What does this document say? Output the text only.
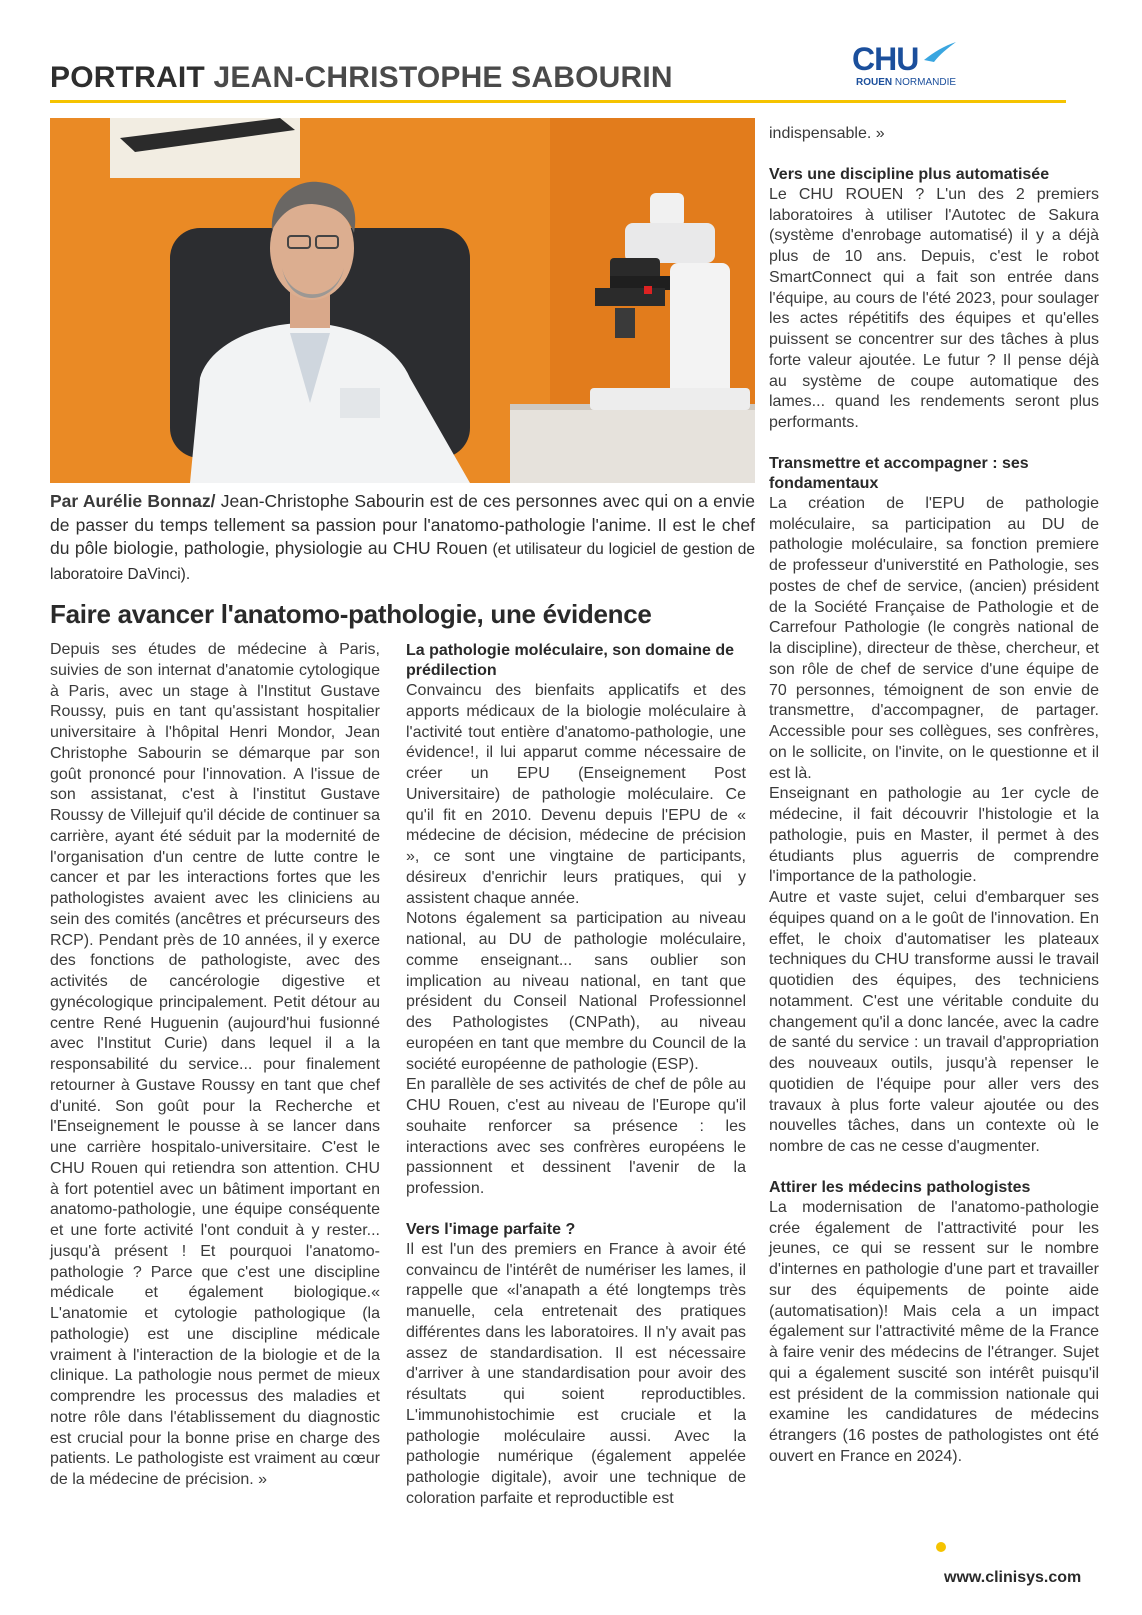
PORTRAIT JEAN-CHRISTOPHE SABOURIN
CHU
ROUEN NORMANDIE
Par Aurélie Bonnaz/ Jean-Christophe Sabourin est de ces personnes avec qui on a envie de passer du temps tellement sa passion pour l'anatomo-pathologie l'anime. Il est le chef du pôle biologie, pathologie, physiologie au CHU Rouen (et utilisateur du logiciel de gestion de laboratoire DaVinci).
Faire avancer l'anatomo-pathologie, une évidence

Depuis ses études de médecine à Paris, suivies de son internat d'anatomie cytologique à Paris, avec un stage à l'Institut Gustave Roussy, puis en tant qu'assistant hospitalier universitaire à l'hôpital Henri Mondor, Jean Christophe Sabourin se démarque par son goût prononcé pour l'innovation. A l'issue de son assistanat, c'est à l'institut Gustave Roussy de Villejuif qu'il décide de continuer sa carrière, ayant été séduit par la modernité de l'organisation d'un centre de lutte contre le cancer et par les interactions fortes que les pathologistes avaient avec les cliniciens au sein des comités (ancêtres et précurseurs des RCP). Pendant près de 10 années, il y exerce des fonctions de pathologiste, avec des activités de cancérologie digestive et gynécologique principalement. Petit détour au centre René Huguenin (aujourd'hui fusionné avec l'Institut Curie) dans lequel il a la responsabilité du service... pour finalement retourner à Gustave Roussy en tant que chef d'unité. Son goût pour la Recherche et l'Enseignement le pousse à se lancer dans une carrière hospitalo-universitaire. C'est le CHU Rouen qui retiendra son attention. CHU à fort potentiel avec un bâtiment important en anatomo-pathologie, une équipe conséquente et une forte activité l'ont conduit à y rester... jusqu'à présent ! Et pourquoi l'anatomo-pathologie ? Parce que c'est une discipline médicale et également biologique.« L'anatomie et cytologie pathologique (la pathologie) est une discipline médicale vraiment à l'interaction de la biologie et de la clinique. La pathologie nous permet de mieux comprendre les processus des maladies et notre rôle dans l'établissement du diagnostic est crucial pour la bonne prise en charge des patients. Le pathologiste est vraiment au cœur de la médecine de précision. »

La pathologie moléculaire, son domaine de prédilection

Convaincu des bienfaits applicatifs et des apports médicaux de la biologie moléculaire à l'activité tout entière d'anatomo-pathologie, une évidence!, il lui apparut comme nécessaire de créer un EPU (Enseignement Post Universitaire) de pathologie moléculaire. Ce qu'il fit en 2010. Devenu depuis l'EPU de « médecine de décision, médecine de précision », ce sont une vingtaine de participants, désireux d'enrichir leurs pratiques, qui y assistent chaque année.

Notons également sa participation au niveau national, au DU de pathologie moléculaire, comme enseignant... sans oublier son implication au niveau national, en tant que président du Conseil National Professionnel des Pathologistes (CNPath), au niveau européen en tant que membre du Council de la société européenne de pathologie (ESP).

En parallèle de ses activités de chef de pôle au CHU Rouen, c'est au niveau de l'Europe qu'il souhaite renforcer sa présence : les interactions avec ses confrères européens le passionnent et dessinent l'avenir de la profession.

Vers l'image parfaite ?

Il est l'un des premiers en France à avoir été convaincu de l'intérêt de numériser les lames, il rappelle que «l'anapath a été longtemps très manuelle, cela entretenait des pratiques différentes dans les laboratoires. Il n'y avait pas assez de standardisation. Il est nécessaire d'arriver à une standardisation pour avoir des résultats qui soient reproductibles. L'immunohistochimie est cruciale et la pathologie moléculaire aussi. Avec la pathologie numérique (également appelée pathologie digitale), avoir une technique de coloration parfaite et reproductible est

indispensable. »

Vers une discipline plus automatisée

Le CHU ROUEN ? L'un des 2 premiers laboratoires à utiliser l'Autotec de Sakura (système d'enrobage automatisé) il y a déjà plus de 10 ans. Depuis, c'est le robot SmartConnect qui a fait son entrée dans l'équipe, au cours de l'été 2023, pour soulager les actes répétitifs des équipes et qu'elles puissent se concentrer sur des tâches à plus forte valeur ajoutée. Le futur ? Il pense déjà au système de coupe automatique des lames... quand les rendements seront plus performants.

Transmettre et accompagner : ses fondamentaux

La création de l'EPU de pathologie moléculaire, sa participation au DU de pathologie moléculaire, sa fonction premiere de professeur d'universtité en Pathologie, ses postes de chef de service, (ancien) président de la Société Française de Pathologie et de Carrefour Pathologie (le congrès national de la discipline), directeur de thèse, chercheur, et son rôle de chef de service d'une équipe de 70 personnes, témoignent de son envie de transmettre, d'accompagner, de partager. Accessible pour ses collègues, ses confrères, on le sollicite, on l'invite, on le questionne et il est là.

Enseignant en pathologie au 1er cycle de médecine, il fait découvrir l'histologie et la pathologie, puis en Master, il permet à des étudiants plus aguerris de comprendre l'importance de la pathologie.

Autre et vaste sujet, celui d'embarquer ses équipes quand on a le goût de l'innovation. En effet, le choix d'automatiser les plateaux techniques du CHU transforme aussi le travail quotidien des équipes, des techniciens notamment. C'est une véritable conduite du changement qu'il a donc lancée, avec la cadre de santé du service : un travail d'appropriation des nouveaux outils, jusqu'à repenser le quotidien de l'équipe pour aller vers des travaux à plus forte valeur ajoutée ou des nouvelles tâches, dans un contexte où le nombre de cas ne cesse d'augmenter.

Attirer les médecins pathologistes

La modernisation de l'anatomo-pathologie crée également de l'attractivité pour les jeunes, ce qui se ressent sur le nombre d'internes en pathologie d'une part et travailler sur des équipements de pointe aide (automatisation)! Mais cela a un impact également sur l'attractivité même de la France à faire venir des médecins de l'étranger. Sujet qui a également suscité son intérêt puisqu'il est président de la commission nationale qui examine les candidatures de médecins étrangers (16 postes de pathologistes ont été ouvert en France en 2024).

www.clinisys.com
